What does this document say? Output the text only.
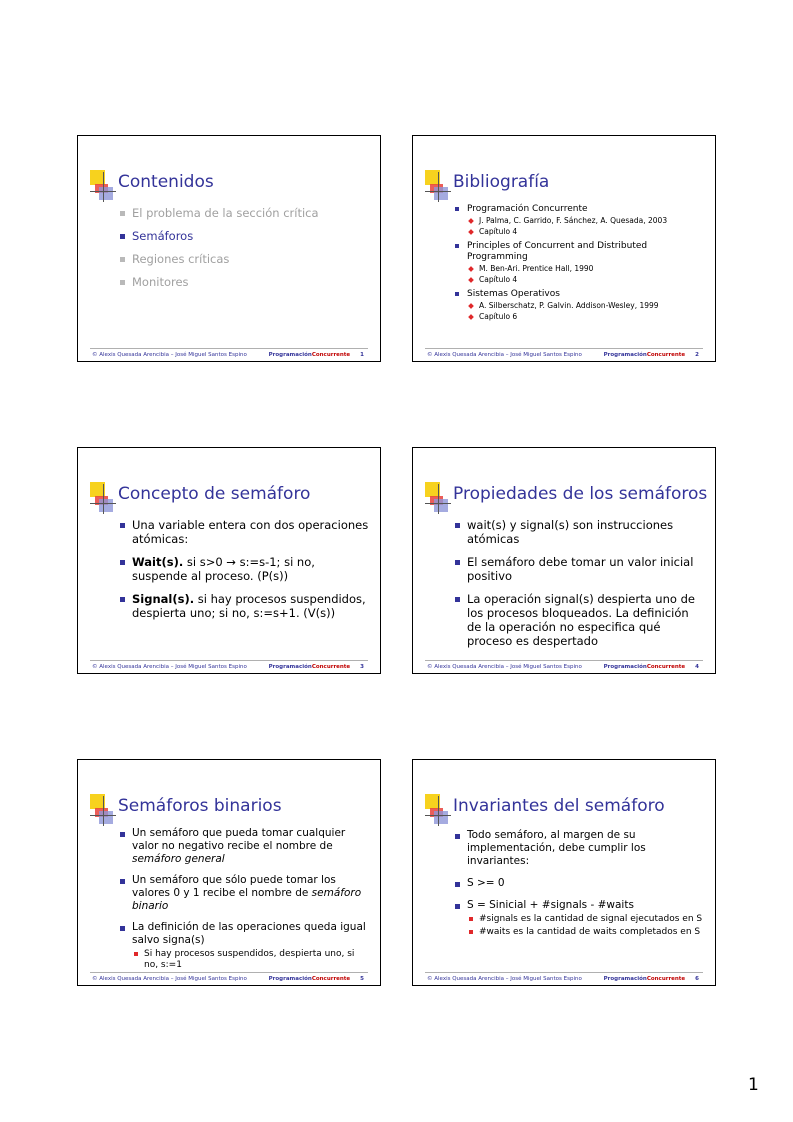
Contenidos
El problema de la sección crítica
Semáforos
Regiones críticas
Monitores
© Alexis Quesada Arencibia – José Miguel Santos Espino	ProgramaciónConcurrente 1
Bibliografía
Programación Concurrente
J. Palma, C. Garrido, F. Sánchez, A. Quesada, 2003
Capítulo 4
Principles of Concurrent and Distributed Programming
M. Ben-Ari. Prentice Hall, 1990
Capítulo 4
Sistemas Operativos
A. Silberschatz, P. Galvin. Addison-Wesley, 1999
Capítulo 6
© Alexis Quesada Arencibia – José Miguel Santos Espino	ProgramaciónConcurrente 2
Concepto de semáforo
Una variable entera con dos operaciones atómicas:
Wait(s). si s>0 → s:=s-1; si no, suspende al proceso. (P(s))
Signal(s). si hay procesos suspendidos, despierta uno; si no, s:=s+1. (V(s))
© Alexis Quesada Arencibia – José Miguel Santos Espino	ProgramaciónConcurrente 3
Propiedades de los semáforos
wait(s) y signal(s) son instrucciones atómicas
El semáforo debe tomar un valor inicial positivo
La operación signal(s) despierta uno de los procesos bloqueados. La definición de la operación no especifica qué proceso es despertado
© Alexis Quesada Arencibia – José Miguel Santos Espino	ProgramaciónConcurrente 4
Semáforos binarios
Un semáforo que pueda tomar cualquier valor no negativo recibe el nombre de semáforo general
Un semáforo que sólo puede tomar los valores 0 y 1 recibe el nombre de semáforo binario
La definición de las operaciones queda igual salvo signa(s)
Si hay procesos suspendidos, despierta uno, si no, s:=1
© Alexis Quesada Arencibia – José Miguel Santos Espino	ProgramaciónConcurrente 5
Invariantes del semáforo
Todo semáforo, al margen de su implementación, debe cumplir los invariantes:
S >= 0
S = Sinicial + #signals - #waits
#signals es la cantidad de signal ejecutados en S
#waits es la cantidad de waits completados en S
© Alexis Quesada Arencibia – José Miguel Santos Espino	ProgramaciónConcurrente 6
1
